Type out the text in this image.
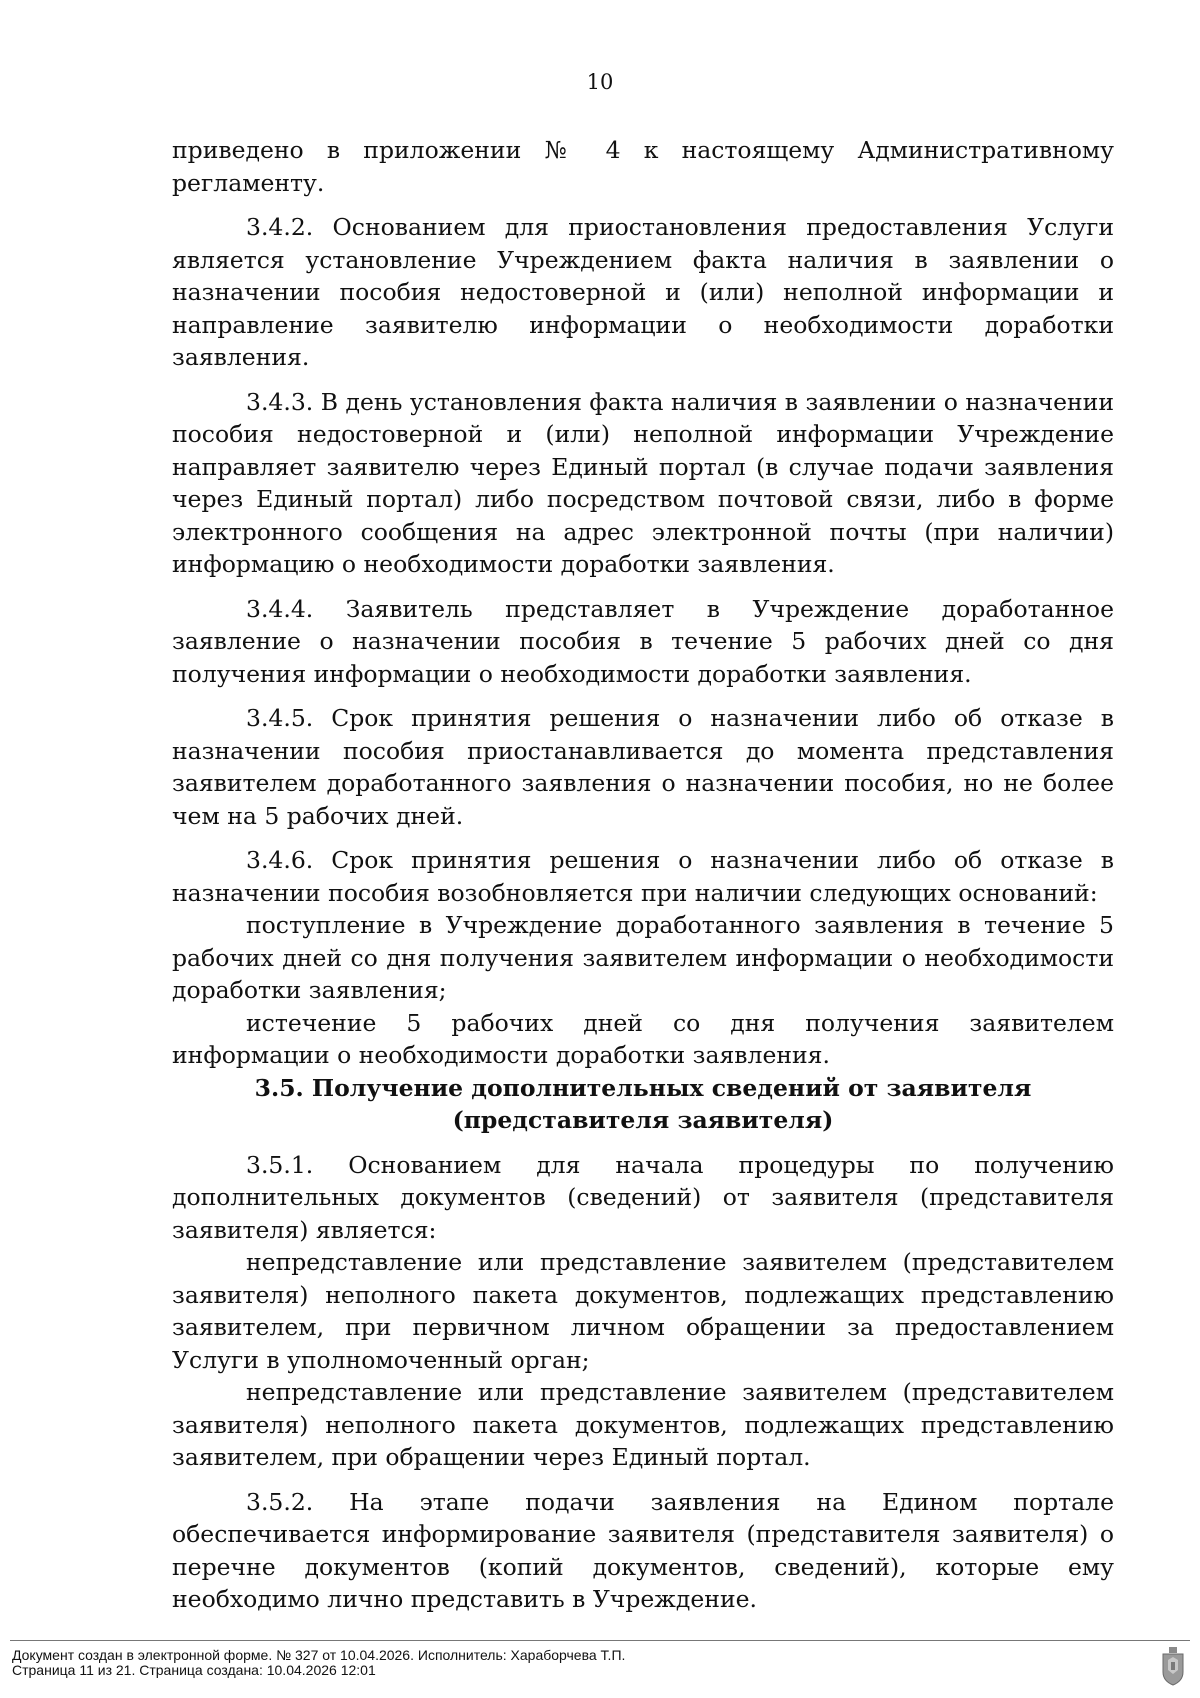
10

приведено в приложении № 4 к настоящему Административному регламенту.

3.4.2. Основанием для приостановления предоставления Услуги является установление Учреждением факта наличия в заявлении о назначении пособия недостоверной и (или) неполной информации и направление заявителю информации о необходимости доработки заявления.

3.4.3. В день установления факта наличия в заявлении о назначении пособия недостоверной и (или) неполной информации Учреждение направляет заявителю через Единый портал (в случае подачи заявления через Единый портал) либо посредством почтовой связи, либо в форме электронного сообщения на адрес электронной почты (при наличии) информацию о необходимости доработки заявления.

3.4.4. Заявитель представляет в Учреждение доработанное заявление о назначении пособия в течение 5 рабочих дней со дня получения информации о необходимости доработки заявления.

3.4.5. Срок принятия решения о назначении либо об отказе в назначении пособия приостанавливается до момента представления заявителем доработанного заявления о назначении пособия, но не более чем на 5 рабочих дней.

3.4.6. Срок принятия решения о назначении либо об отказе в назначении пособия возобновляется при наличии следующих оснований:

поступление в Учреждение доработанного заявления в течение 5 рабочих дней со дня получения заявителем информации о необходимости доработки заявления;

истечение 5 рабочих дней со дня получения заявителем информации о необходимости доработки заявления.

3.5. Получение дополнительных сведений от заявителя (представителя заявителя)

3.5.1. Основанием для начала процедуры по получению дополнительных документов (сведений) от заявителя (представителя заявителя) является:

непредставление или представление заявителем (представителем заявителя) неполного пакета документов, подлежащих представлению заявителем, при первичном личном обращении за предоставлением Услуги в уполномоченный орган;

непредставление или представление заявителем (представителем заявителя) неполного пакета документов, подлежащих представлению заявителем, при обращении через Единый портал.

3.5.2. На этапе подачи заявления на Едином портале обеспечивается информирование заявителя (представителя заявителя) о перечне документов (копий документов, сведений), которые ему необходимо лично представить в Учреждение.

Документ создан в электронной форме. № 327 от 10.04.2026. Исполнитель: Хараборчева Т.П.
Страница 11 из 21. Страница создана: 10.04.2026 12:01
